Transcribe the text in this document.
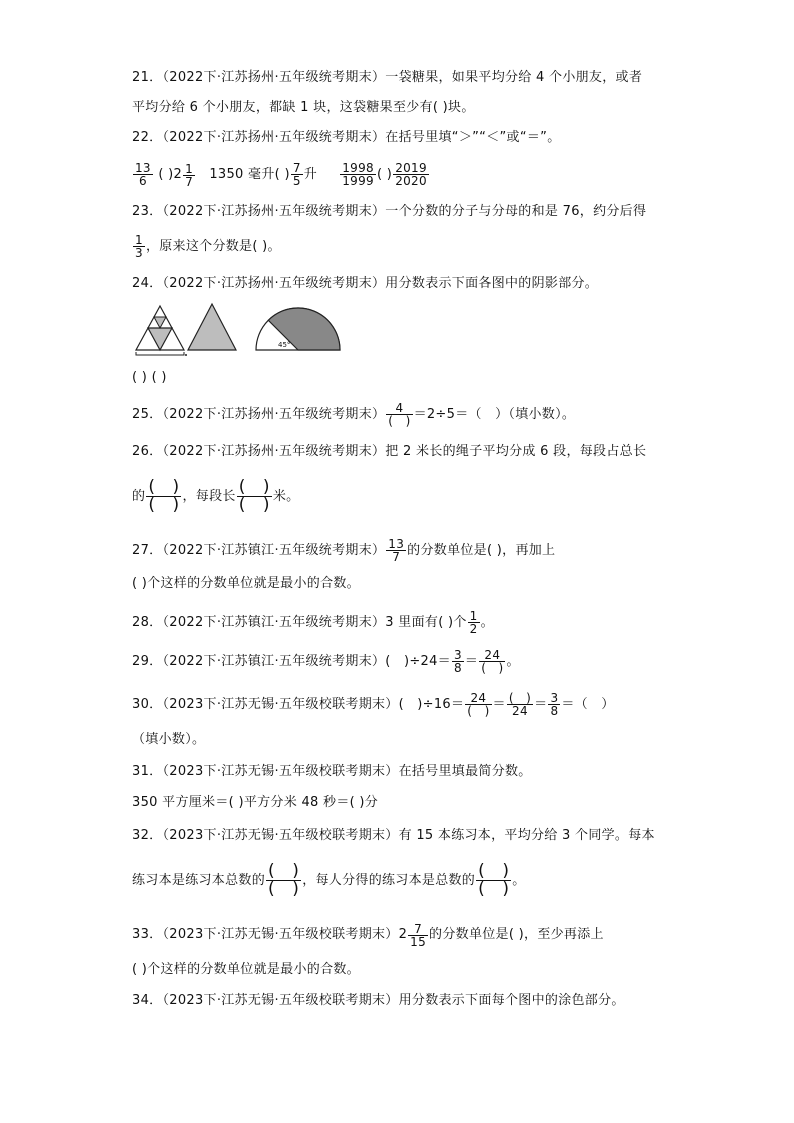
21．（2022下·江苏扬州·五年级统考期末）一袋糖果，如果平均分给 4 个小朋友，或者
平均分给 6 个小朋友，都缺 1 块，这袋糖果至少有( )块。
22．（2022下·江苏扬州·五年级统考期末）在括号里填“＞”“＜”或“＝”。
$\frac{13}{6}$ ( ) $2 \frac{1}{7} 1350$ 毫升( ) $\frac{7}{5}$ 升 $\frac{1998}{1999}$ ( ) $\frac{2019}{2020}$
23．（2022下·江苏扬州·五年级统考期末）一个分数的分子与分母的和是 76，约分后得
$\frac{1}{3}$ ，原来这个分数是( )。
24．（2022下·江苏扬州·五年级统考期末）用分数表示下面各图中的阴影部分。
45°
( ) ( )
25．（2022下·江苏扬州·五年级统考期末） $\frac{4}{( )} =2\div 5=$（　）（填小数）。
26．（2022下·江苏扬州·五年级统考期末）把 2 米长的绳子平均分成 6 段，每段占总长
的 $\frac{( )}{( )}$ ，每段长 $\frac{( )}{( )}$ 米。
27．（2022下·江苏镇江·五年级统考期末） $\frac{13}{7}$ 的分数单位是( )，再加上
( )个这样的分数单位就是最小的合数。
28．（2022下·江苏镇江·五年级统考期末）3 里面有( )个 $\frac{1}{2}$ 。
29．（2022下·江苏镇江·五年级统考期末）(　)$\div 24= \frac{3}{8} = \frac{24}{( )}$ 。
30．（2023下·江苏无锡·五年级校联考期末）(　)$\div 16= \frac{24}{( )} = \frac{( )}{24} = \frac{3}{8}$ ＝（　）
（填小数）。
31．（2023下·江苏无锡·五年级校联考期末）在括号里填最简分数。
350 平方厘米＝( )平方分米 48 秒＝( )分
32．（2023下·江苏无锡·五年级校联考期末）有 15 本练习本，平均分给 3 个同学。每本
练习本是练习本总数的 $\frac{( )}{( )}$ ，每人分得的练习本是总数的 $\frac{( )}{( )}$ 。
33．（2023下·江苏无锡·五年级校联考期末） $2 \frac{7}{15}$ 的分数单位是( )，至少再添上
( )个这样的分数单位就是最小的合数。
34．（2023下·江苏无锡·五年级校联考期末）用分数表示下面每个图中的涂色部分。
